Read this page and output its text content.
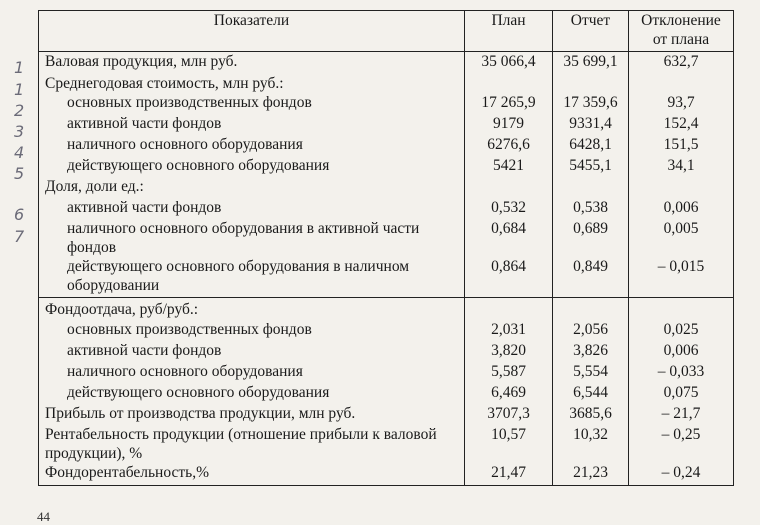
Показатели	План	Отчет	Отклонение от плана
Валовая продукция, млн руб.	35 066,4	35 699,1	632,7
Среднегодовая стоимость, млн руб.:			
основных производственных фондов	17 265,9	17 359,6	93,7
активной части фондов	9179	9331,4	152,4
наличного основного оборудования	6276,6	6428,1	151,5
действующего основного оборудования	5421	5455,1	34,1
Доля, доли ед.:			
активной части фондов	0,532	0,538	0,006
наличного основного оборудования в активной части фондов	0,684	0,689	0,005
действующего основного оборудования в наличном оборудовании	0,864	0,849	– 0,015
Фондоотдача, руб/руб.:			
основных производственных фондов	2,031	2,056	0,025
активной части фондов	3,820	3,826	0,006
наличного основного оборудования	5,587	5,554	– 0,033
действующего основного оборудования	6,469	6,544	0,075
Прибыль от производства продукции, млн руб.	3707,3	3685,6	– 21,7
Рентабельность продукции (отношение прибыли к валовой продукции), %	10,57	10,32	– 0,25
Фондорентабельность,%	21,47	21,23	– 0,24
1
1
2
3
4
5
6
7
44
